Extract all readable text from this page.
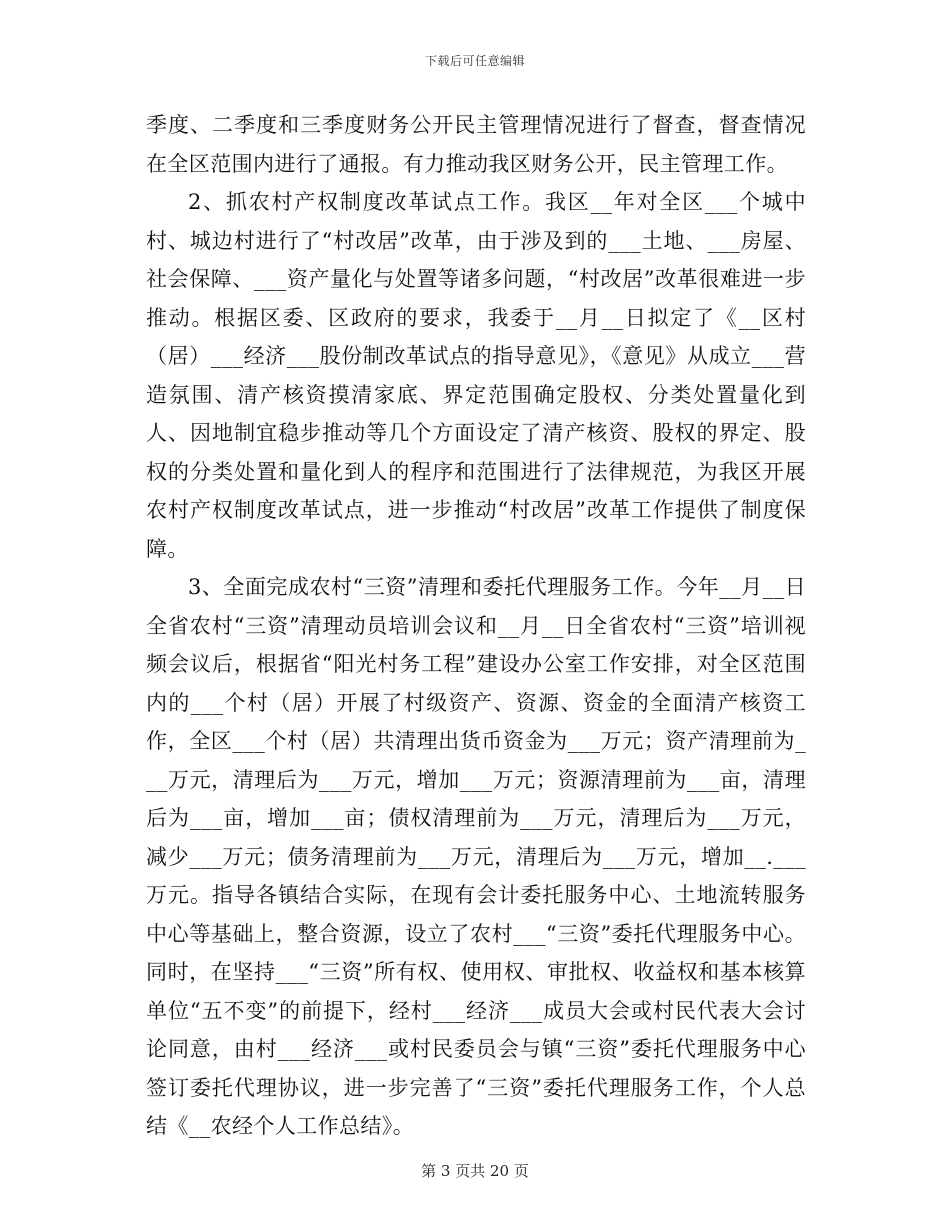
下载后可任意编辑

季度、二季度和三季度财务公开民主管理情况进行了督查，督查情况在全区范围内进行了通报。有力推动我区财务公开，民主管理工作。

2、抓农村产权制度改革试点工作。我区__年对全区___个城中村、城边村进行了“村改居”改革，由于涉及到的___土地、___房屋、社会保障、___资产量化与处置等诸多问题，“村改居”改革很难进一步推动。根据区委、区政府的要求，我委于__月__日拟定了《__区村（居）___经济___股份制改革试点的指导意见》，《意见》从成立___营造氛围、清产核资摸清家底、界定范围确定股权、分类处置量化到人、因地制宜稳步推动等几个方面设定了清产核资、股权的界定、股权的分类处置和量化到人的程序和范围进行了法律规范，为我区开展农村产权制度改革试点，进一步推动“村改居”改革工作提供了制度保障。

3、全面完成农村“三资”清理和委托代理服务工作。今年__月__日全省农村“三资”清理动员培训会议和__月__日全省农村“三资”培训视频会议后，根据省“阳光村务工程”建设办公室工作安排，对全区范围内的___个村（居）开展了村级资产、资源、资金的全面清产核资工作，全区___个村（居）共清理出货币资金为___万元；资产清理前为___万元，清理后为___万元，增加___万元；资源清理前为___亩，清理后为___亩，增加___亩；债权清理前为___万元，清理后为___万元，减少___万元；债务清理前为___万元，清理后为___万元，增加__.___万元。指导各镇结合实际，在现有会计委托服务中心、土地流转服务中心等基础上，整合资源，设立了农村___“三资”委托代理服务中心。同时，在坚持___“三资”所有权、使用权、审批权、收益权和基本核算单位“五不变”的前提下，经村___经济___成员大会或村民代表大会讨论同意，由村___经济___或村民委员会与镇“三资”委托代理服务中心签订委托代理协议，进一步完善了“三资”委托代理服务工作，个人总结《__农经个人工作总结》。

第 3 页共 20 页
